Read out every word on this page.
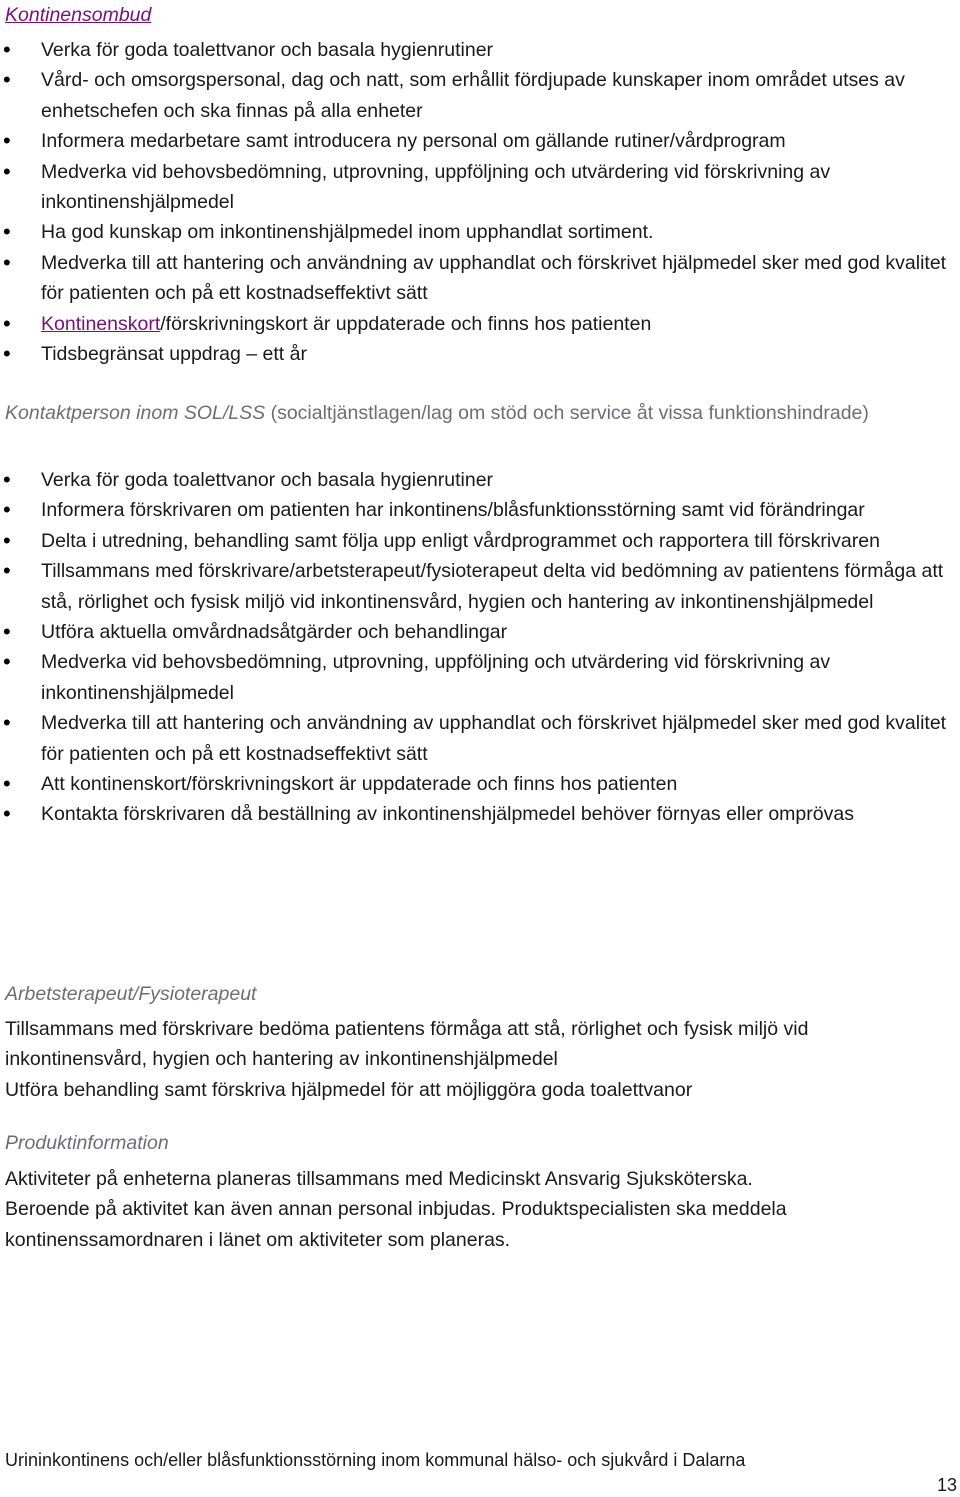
Kontinensombud
• Verka för goda toalettvanor och basala hygienrutiner
• Vård- och omsorgspersonal, dag och natt, som erhållit fördjupade kunskaper inom området utses av enhetschefen och ska finnas på alla enheter
• Informera medarbetare samt introducera ny personal om gällande rutiner/vårdprogram
• Medverka vid behovsbedömning, utprovning, uppföljning och utvärdering vid förskrivning av inkontinenshjälpmedel
• Ha god kunskap om inkontinenshjälpmedel inom upphandlat sortiment.
• Medverka till att hantering och användning av upphandlat och förskrivet hjälpmedel sker med god kvalitet för patienten och på ett kostnadseffektivt sätt
• Kontinenskort/förskrivningskort är uppdaterade och finns hos patienten
• Tidsbegränsat uppdrag – ett år

Kontaktperson inom SOL/LSS (socialtjänstlagen/lag om stöd och service åt vissa funktionshindrade)

• Verka för goda toalettvanor och basala hygienrutiner
• Informera förskrivaren om patienten har inkontinens/blåsfunktionsstörning samt vid förändringar
• Delta i utredning, behandling samt följa upp enligt vårdprogrammet och rapportera till förskrivaren
• Tillsammans med förskrivare/arbetsterapeut/fysioterapeut delta vid bedömning av patientens förmåga att stå, rörlighet och fysisk miljö vid inkontinensvård, hygien och hantering av inkontinenshjälpmedel
• Utföra aktuella omvårdnadsåtgärder och behandlingar
• Medverka vid behovsbedömning, utprovning, uppföljning och utvärdering vid förskrivning av inkontinenshjälpmedel
• Medverka till att hantering och användning av upphandlat och förskrivet hjälpmedel sker med god kvalitet för patienten och på ett kostnadseffektivt sätt
• Att kontinenskort/förskrivningskort är uppdaterade och finns hos patienten
• Kontakta förskrivaren då beställning av inkontinenshjälpmedel behöver förnyas eller omprövas
Arbetsterapeut/Fysioterapeut
Tillsammans med förskrivare bedöma patientens förmåga att stå, rörlighet och fysisk miljö vid inkontinensvård, hygien och hantering av inkontinenshjälpmedel
Utföra behandling samt förskriva hjälpmedel för att möjliggöra goda toalettvanor
Produktinformation
Aktiviteter på enheterna planeras tillsammans med Medicinskt Ansvarig Sjuksköterska.
Beroende på aktivitet kan även annan personal inbjudas. Produktspecialisten ska meddela kontinenssamordnaren i länet om aktiviteter som planeras.

Urininkontinens och/eller blåsfunktionsstörning inom kommunal hälso- och sjukvård i Dalarna

13
